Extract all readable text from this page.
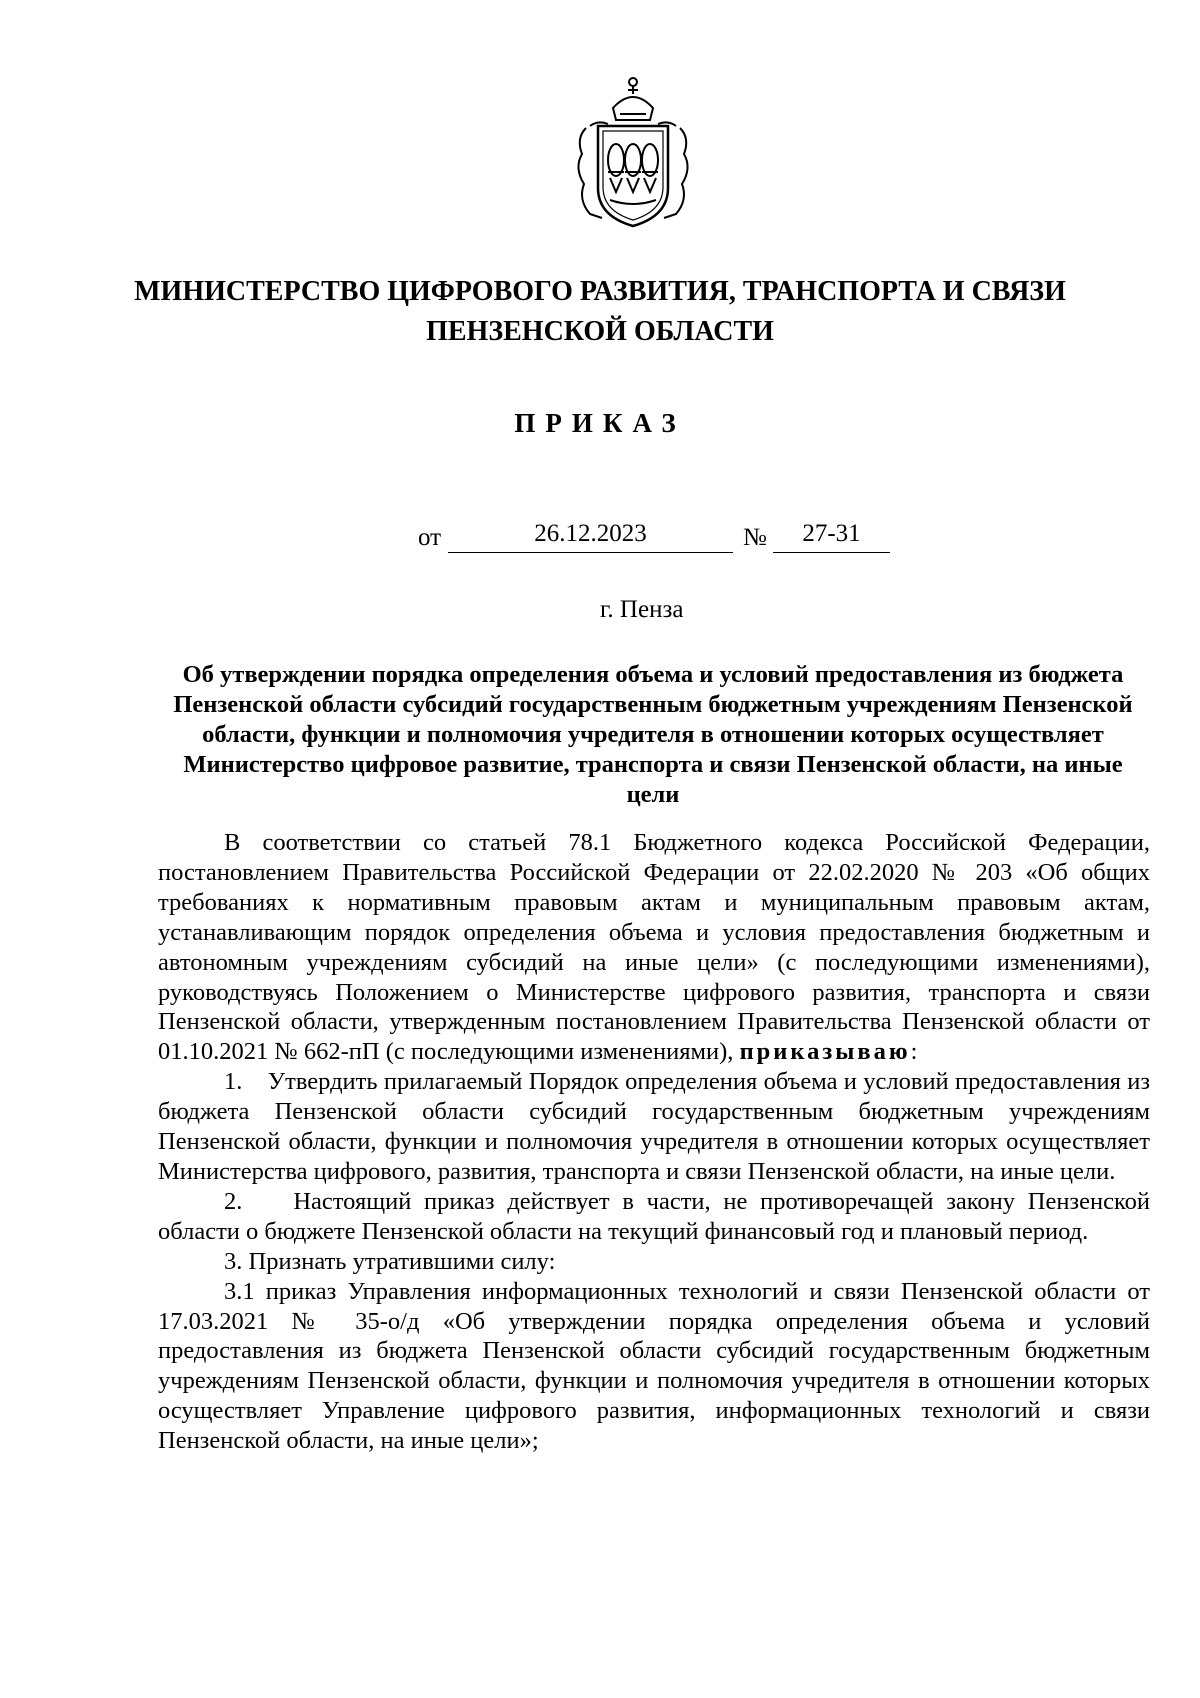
МИНИСТЕРСТВО ЦИФРОВОГО РАЗВИТИЯ, ТРАНСПОРТА И СВЯЗИ
ПЕНЗЕНСКОЙ ОБЛАСТИ
ПРИКАЗ
от	26.12.2023	№	27-31
г. Пенза
Об утверждении порядка определения объема и условий предоставления из бюджета Пензенской области субсидий государственным бюджетным учреждениям Пензенской области, функции и полномочия учредителя в отношении которых осуществляет Министерство цифровое развитие, транспорта и связи Пензенской области, на иные цели

В соответствии со статьей 78.1 Бюджетного кодекса Российской Федерации, постановлением Правительства Российской Федерации от 22.02.2020 № 203 «Об общих требованиях к нормативным правовым актам и муниципальным правовым актам, устанавливающим порядок определения объема и условия предоставления бюджетным и автономным учреждениям субсидий на иные цели» (с последующими изменениями), руководствуясь Положением о Министерстве цифрового развития, транспорта и связи Пензенской области, утвержденным постановлением Правительства Пензенской области от 01.10.2021 № 662-пП (с последующими изменениями), приказываю:

1.    Утвердить прилагаемый Порядок определения объема и условий предоставления из бюджета Пензенской области субсидий государственным бюджетным учреждениям Пензенской области, функции и полномочия учредителя в отношении которых осуществляет Министерства цифрового, развития, транспорта и связи Пензенской области, на иные цели.

2.    Настоящий приказ действует в части, не противоречащей закону Пензенской области о бюджете Пензенской области на текущий финансовый год и плановый период.

3. Признать утратившими силу:

3.1 приказ Управления информационных технологий и связи Пензенской области от 17.03.2021 № 35-о/д «Об утверждении порядка определения объема и условий предоставления из бюджета Пензенской области субсидий государственным бюджетным учреждениям Пензенской области, функции и полномочия учредителя в отношении которых осуществляет Управление цифрового развития, информационных технологий и связи Пензенской области, на иные цели»;
